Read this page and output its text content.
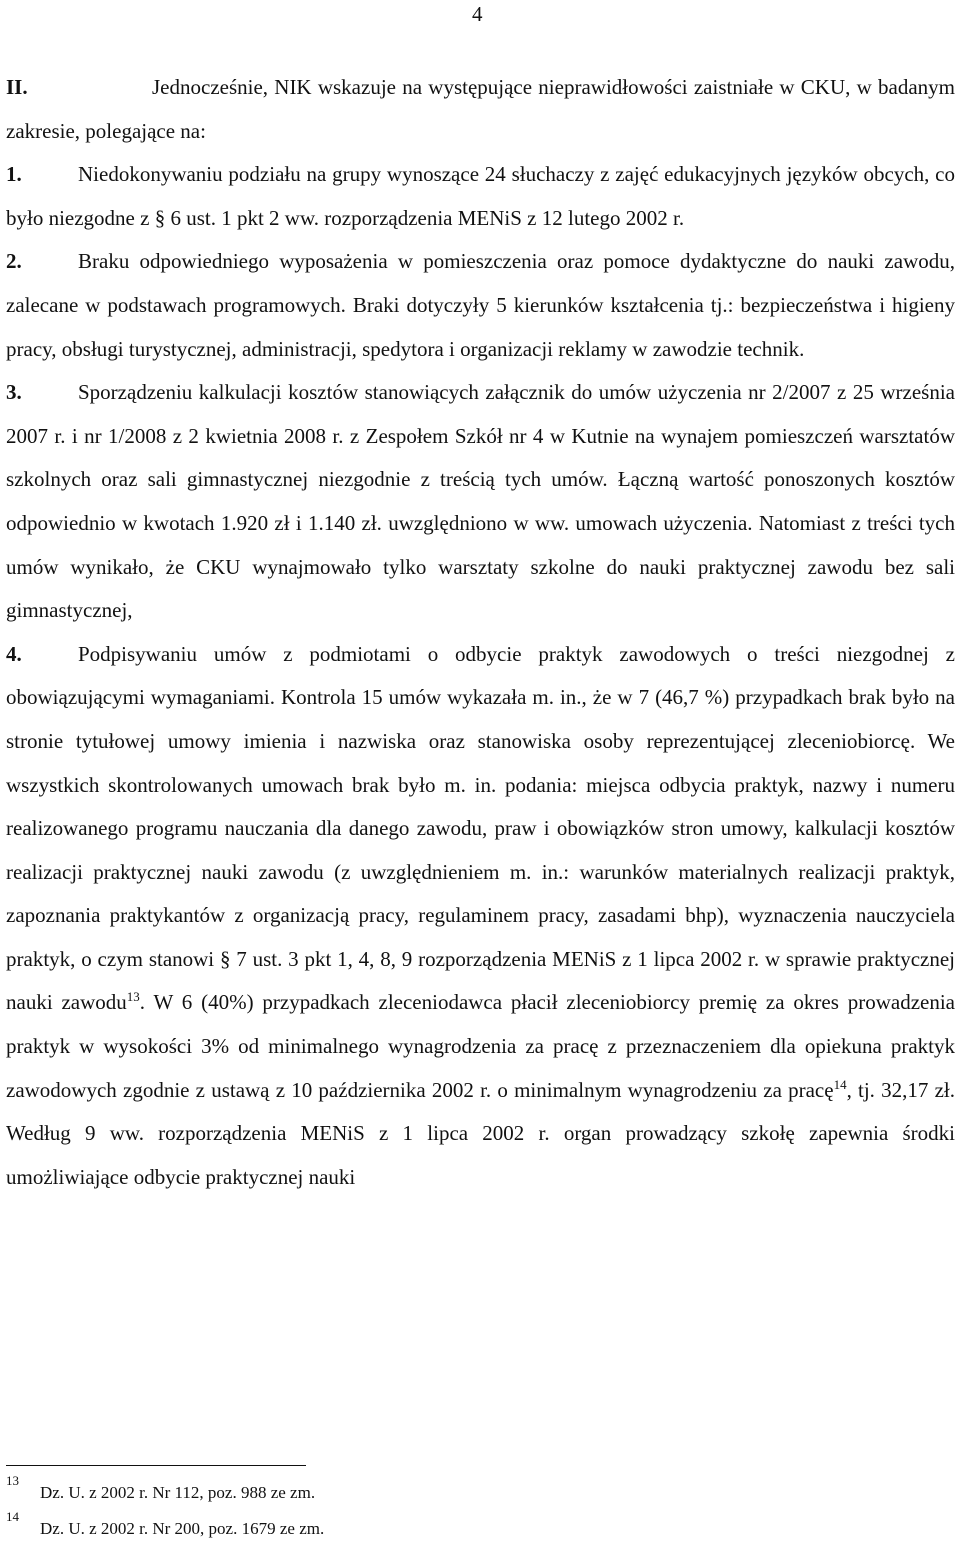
4

II.	Jednocześnie, NIK wskazuje na występujące nieprawidłowości zaistniałe w CKU, w badanym zakresie, polegające na:

1.	Niedokonywaniu podziału na grupy wynoszące 24 słuchaczy z zajęć edukacyjnych języków obcych, co było niezgodne z § 6 ust. 1 pkt 2 ww. rozporządzenia MENiS z 12 lutego 2002 r.

2.	Braku odpowiedniego wyposażenia w pomieszczenia oraz pomoce dydaktyczne do nauki zawodu, zalecane w podstawach programowych. Braki dotyczyły 5 kierunków kształcenia tj.: bezpieczeństwa i higieny pracy, obsługi turystycznej, administracji, spedytora i organizacji reklamy w zawodzie technik.

3.	Sporządzeniu kalkulacji kosztów stanowiących załącznik do umów użyczenia nr 2/2007 z 25 września 2007 r. i nr 1/2008 z 2 kwietnia 2008 r. z Zespołem Szkół nr 4 w Kutnie na wynajem pomieszczeń warsztatów szkolnych oraz sali gimnastycznej niezgodnie z treścią tych umów. Łączną wartość ponoszonych kosztów odpowiednio w kwotach 1.920 zł i 1.140 zł. uwzględniono w ww. umowach użyczenia. Natomiast z treści tych umów wynikało, że CKU wynajmowało tylko warsztaty szkolne do nauki praktycznej zawodu bez sali gimnastycznej,

4.	Podpisywaniu umów z podmiotami o odbycie praktyk zawodowych o treści niezgodnej z obowiązującymi wymaganiami. Kontrola 15 umów wykazała m. in., że w 7 (46,7 %) przypadkach brak było na stronie tytułowej umowy imienia i nazwiska oraz stanowiska osoby reprezentującej zleceniobiorcę. We wszystkich skontrolowanych umowach brak było m. in. podania: miejsca odbycia praktyk, nazwy i numeru realizowanego programu nauczania dla danego zawodu, praw i obowiązków stron umowy, kalkulacji kosztów realizacji praktycznej nauki zawodu (z uwzględnieniem m. in.: warunków materialnych realizacji praktyk, zapoznania praktykantów z organizacją pracy, regulaminem pracy, zasadami bhp), wyznaczenia nauczyciela praktyk, o czym stanowi § 7 ust. 3 pkt 1, 4, 8, 9 rozporządzenia MENiS z 1 lipca 2002 r. w sprawie praktycznej nauki zawodu$^{13}$. W 6 (40%) przypadkach zleceniodawca płacił zleceniobiorcy premię za okres prowadzenia praktyk w wysokości 3% od minimalnego wynagrodzenia za pracę z przeznaczeniem dla opiekuna praktyk zawodowych zgodnie z ustawą z 10 października 2002 r. o minimalnym wynagrodzeniu za pracę$^{14}$, tj. 32,17 zł. Według 9 ww. rozporządzenia MENiS z 1 lipca 2002 r. organ prowadzący szkołę zapewnia środki umożliwiające odbycie praktycznej nauki

13
Dz. U. z 2002 r. Nr 112, poz. 988 ze zm.
14
Dz. U. z 2002 r. Nr 200, poz. 1679 ze zm.
